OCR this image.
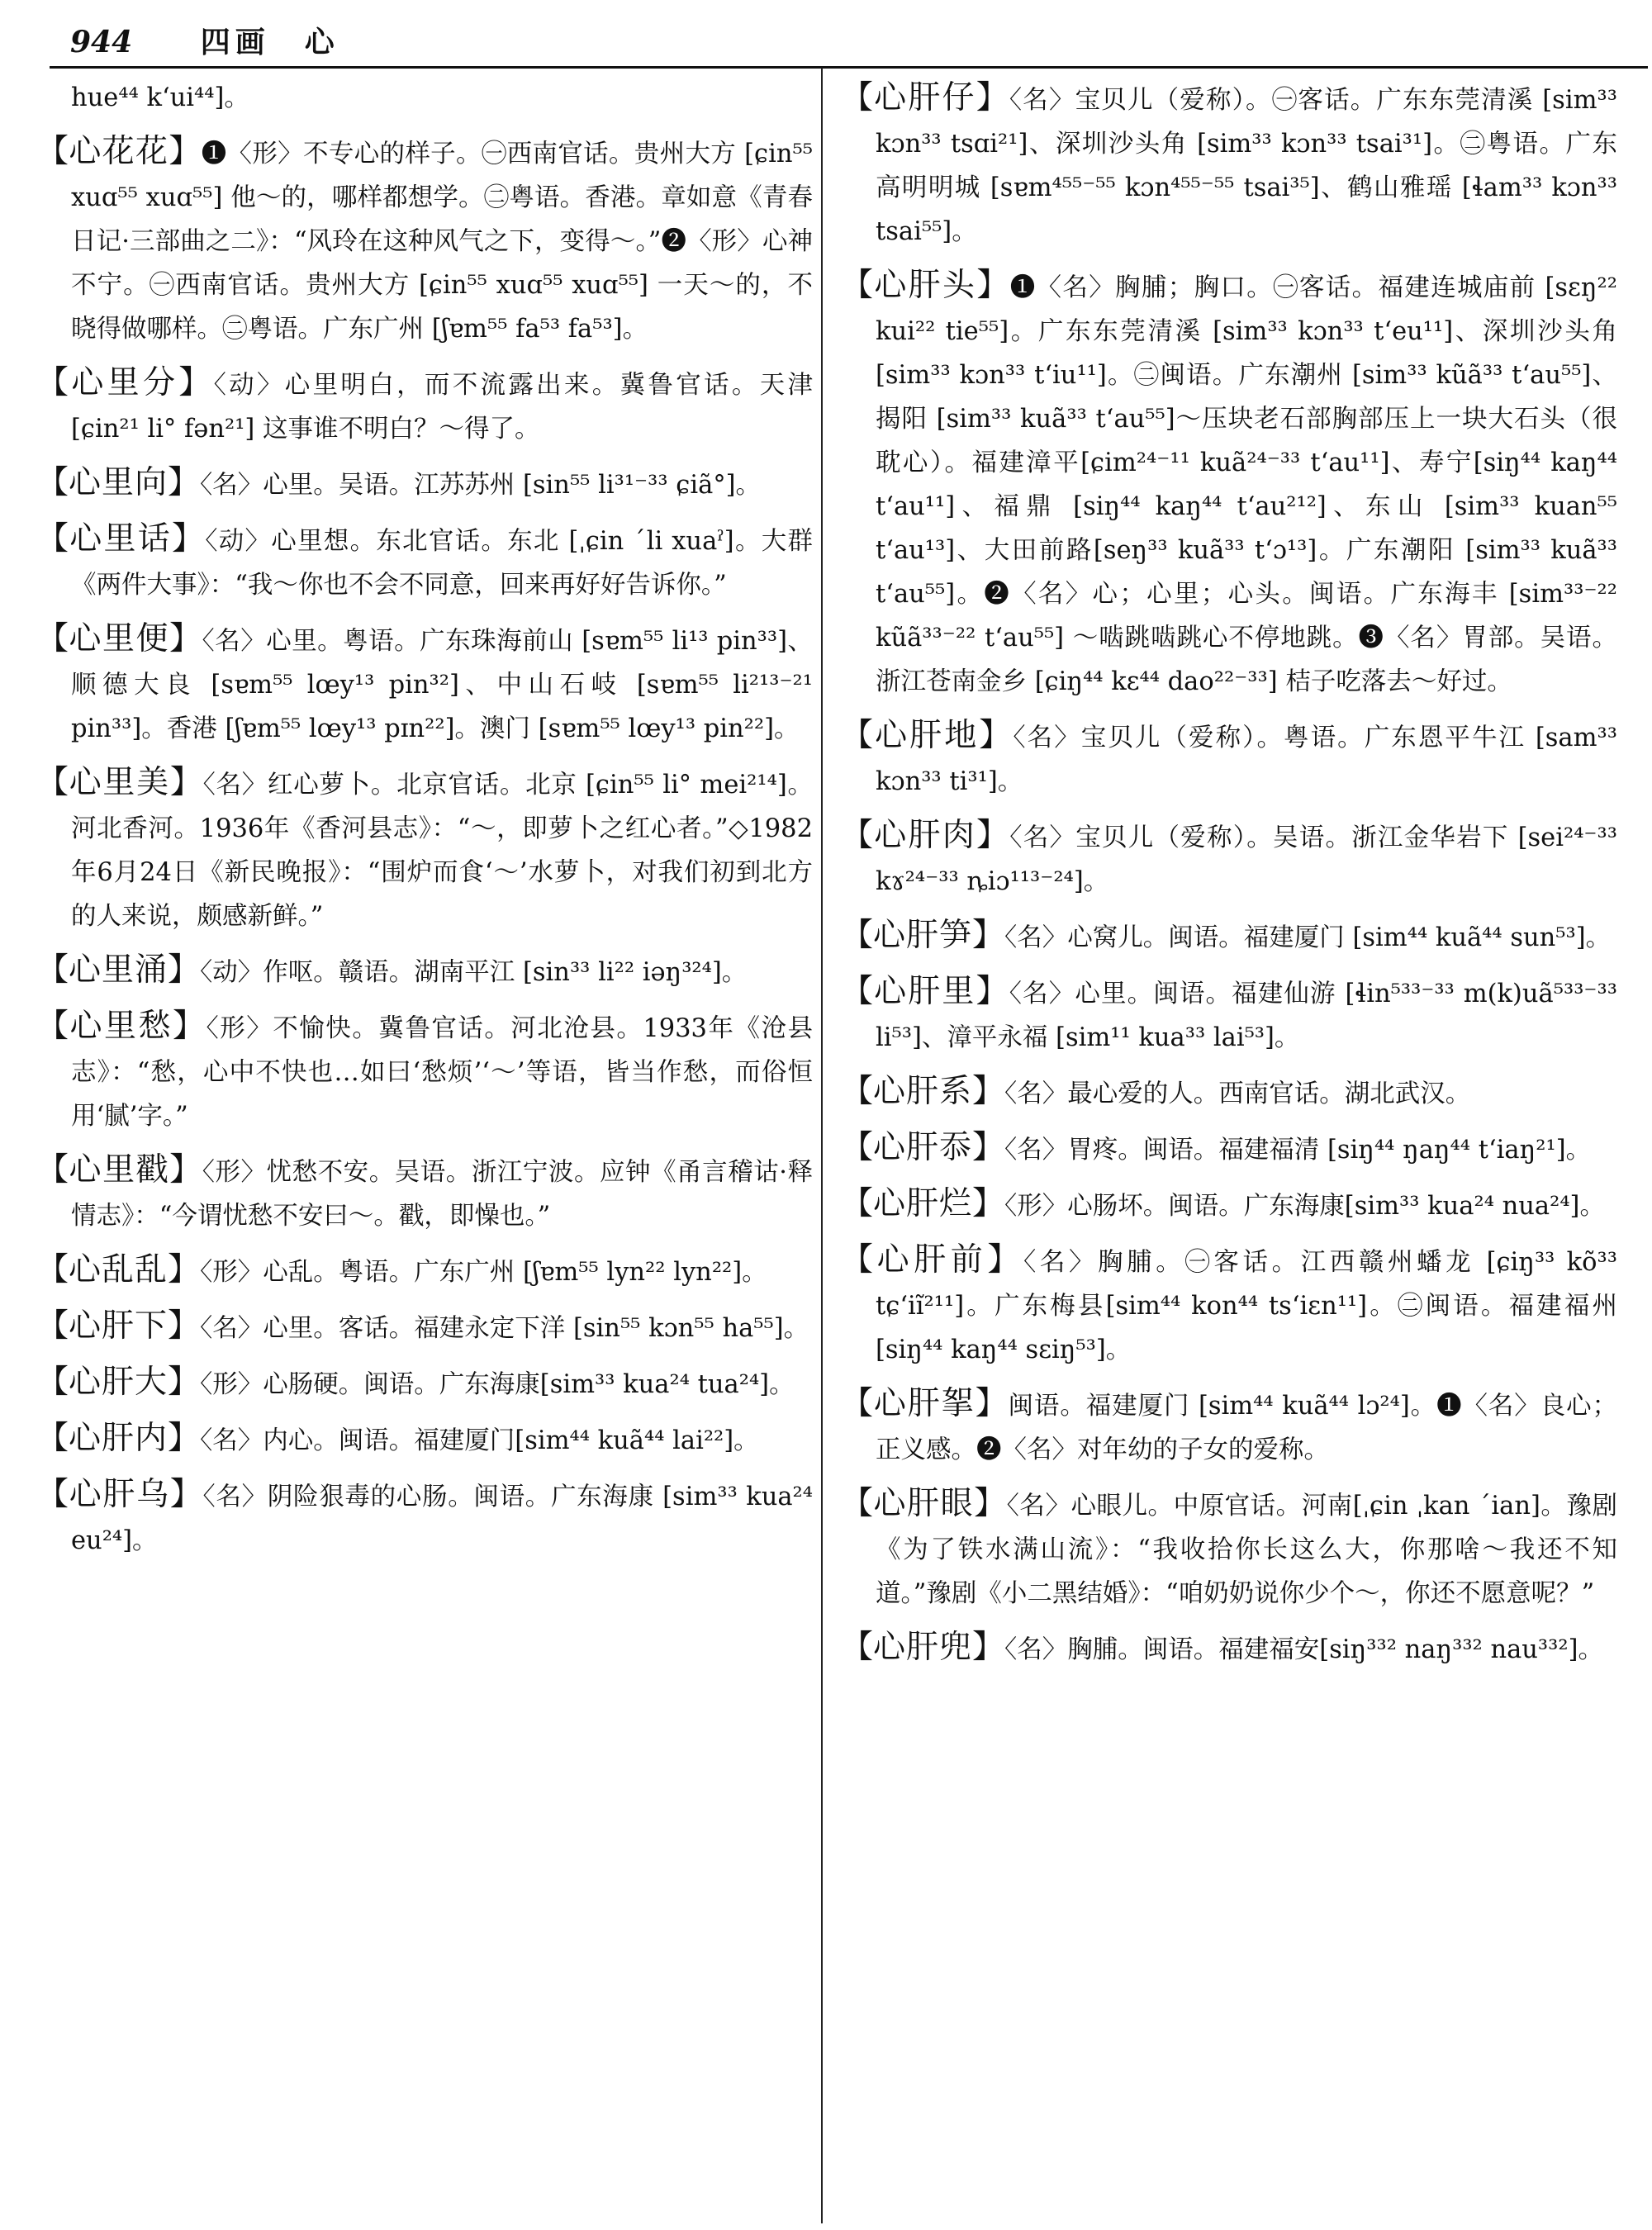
944 四画　心

hue⁴⁴ k‘ui⁴⁴]。

【心花花】❶〈形〉不专心的样子。㊀西南官话。贵州大方 [ɕin⁵⁵ xuɑ⁵⁵ xuɑ⁵⁵] 他～的，哪样都想学。㊁粤语。香港。章如意《青春日记·三部曲之二》：“风玲在这种风气之下，变得～。”❷〈形〉心神不宁。㊀西南官话。贵州大方 [ɕin⁵⁵ xuɑ⁵⁵ xuɑ⁵⁵] 一天～的，不晓得做哪样。㊁粤语。广东广州 [ʃɐm⁵⁵ fa⁵³ fa⁵³]。

【心里分】〈动〉心里明白，而不流露出来。冀鲁官话。天津 [ɕin²¹ li° fən²¹] 这事谁不明白？～得了。

【心里向】〈名〉心里。吴语。江苏苏州 [sin⁵⁵ li³¹⁻³³ ɕiã°]。

【心里话】〈动〉心里想。东北官话。东北 [ˌɕin ˊli xuaˀ]。大群《两件大事》：“我～你也不会不同意，回来再好好告诉你。”

【心里便】〈名〉心里。粤语。广东珠海前山 [sɐm⁵⁵ li¹³ pin³³]、顺德大良 [sɐm⁵⁵ lœy¹³ pin³²]、中山石岐 [sɐm⁵⁵ li²¹³⁻²¹ pin³³]。香港 [ʃɐm⁵⁵ lœy¹³ pɪn²²]。澳门 [sɐm⁵⁵ lœy¹³ pin²²]。

【心里美】〈名〉红心萝卜。北京官话。北京 [ɕin⁵⁵ li° mei²¹⁴]。河北香河。1936年《香河县志》：“～，即萝卜之红心者。”◇1982年6月24日《新民晚报》：“围炉而食‘～’水萝卜，对我们初到北方的人来说，颇感新鲜。”

【心里涌】〈动〉作呕。赣语。湖南平江 [sin³³ li²² iəŋ³²⁴]。

【心里愁】〈形〉不愉快。冀鲁官话。河北沧县。1933年《沧县志》：“愁，心中不快也…如曰‘愁烦’‘～’等语，皆当作愁，而俗恒用‘腻’字。”

【心里戳】〈形〉忧愁不安。吴语。浙江宁波。应钟《甬言稽诂·释情志》：“今谓忧愁不安曰～。戳，即懆也。”

【心乱乱】〈形〉心乱。粤语。广东广州 [ʃɐm⁵⁵ lyn²² lyn²²]。

【心肝下】〈名〉心里。客话。福建永定下洋 [sin⁵⁵ kɔn⁵⁵ ha⁵⁵]。

【心肝大】〈形〉心肠硬。闽语。广东海康[sim³³ kua²⁴ tua²⁴]。

【心肝内】〈名〉内心。闽语。福建厦门[sim⁴⁴ kuã⁴⁴ lai²²]。

【心肝乌】〈名〉阴险狠毒的心肠。闽语。广东海康 [sim³³ kua²⁴ eu²⁴]。

【心肝仔】〈名〉宝贝儿（爱称）。㊀客话。广东东莞清溪 [sim³³ kɔn³³ tsɑi²¹]、深圳沙头角 [sim³³ kɔn³³ tsai³¹]。㊁粤语。广东高明明城 [sɐm⁴⁵⁵⁻⁵⁵ kɔn⁴⁵⁵⁻⁵⁵ tsai³⁵]、鹤山雅瑶 [ɬam³³ kɔn³³ tsai⁵⁵]。

【心肝头】❶〈名〉胸脯；胸口。㊀客话。福建连城庙前 [sɛŋ²² kui²² tie⁵⁵]。广东东莞清溪 [sim³³ kɔn³³ t‘eu¹¹]、深圳沙头角 [sim³³ kɔn³³ t‘iu¹¹]。㊁闽语。广东潮州 [sim³³ kũã³³ t‘au⁵⁵]、揭阳 [sim³³ kuã³³ t‘au⁵⁵]～压块老石部胸部压上一块大石头（很耽心）。福建漳平[ɕim²⁴⁻¹¹ kuã²⁴⁻³³ t‘au¹¹]、寿宁[siŋ⁴⁴ kaŋ⁴⁴ t‘au¹¹]、福鼎 [siŋ⁴⁴ kaŋ⁴⁴ t‘au²¹²]、东山 [sim³³ kuan⁵⁵ t‘au¹³]、大田前路[seŋ³³ kuã³³ t‘ɔ¹³]。广东潮阳 [sim³³ kuã³³ t‘au⁵⁵]。❷〈名〉心；心里；心头。闽语。广东海丰 [sim³³⁻²² kũã³³⁻²² t‘au⁵⁵] ～啮跳啮跳心不停地跳。❸〈名〉胃部。吴语。浙江苍南金乡 [ɕiŋ⁴⁴ kɛ⁴⁴ dao²²⁻³³] 桔子吃落去～好过。

【心肝地】〈名〉宝贝儿（爱称）。粤语。广东恩平牛江 [sam³³ kɔn³³ ti³¹]。

【心肝肉】〈名〉宝贝儿（爱称）。吴语。浙江金华岩下 [sei²⁴⁻³³ kɤ²⁴⁻³³ ȵiɔ¹¹³⁻²⁴]。

【心肝笋】〈名〉心窝儿。闽语。福建厦门 [sim⁴⁴ kuã⁴⁴ sun⁵³]。

【心肝里】〈名〉心里。闽语。福建仙游 [ɬin⁵³³⁻³³ m(k)uã⁵³³⁻³³ li⁵³]、漳平永福 [sim¹¹ kua³³ lai⁵³]。

【心肝系】〈名〉最心爱的人。西南官话。湖北武汉。

【心肝忝】〈名〉胃疼。闽语。福建福清 [siŋ⁴⁴ ŋaŋ⁴⁴ t‘iaŋ²¹]。

【心肝烂】〈形〉心肠坏。闽语。广东海康[sim³³ kua²⁴ nua²⁴]。

【心肝前】〈名〉胸脯。㊀客话。江西赣州蟠龙 [ɕiŋ³³ kõ³³ tɕ‘iĩ²¹¹]。广东梅县[sim⁴⁴ kon⁴⁴ ts‘iɛn¹¹]。㊁闽语。福建福州 [siŋ⁴⁴ kaŋ⁴⁴ sɛiŋ⁵³]。

【心肝挐】闽语。福建厦门 [sim⁴⁴ kuã⁴⁴ lɔ²⁴]。❶〈名〉良心；正义感。❷〈名〉对年幼的子女的爱称。

【心肝眼】〈名〉心眼儿。中原官话。河南[ˌɕin ˌkan ˊian]。豫剧《为了铁水满山流》：“我收拾你长这么大，你那啥～我还不知道。”豫剧《小二黑结婚》：“咱奶奶说你少个～，你还不愿意呢？”

【心肝兜】〈名〉胸脯。闽语。福建福安[siŋ³³² naŋ³³² nau³³²]。
